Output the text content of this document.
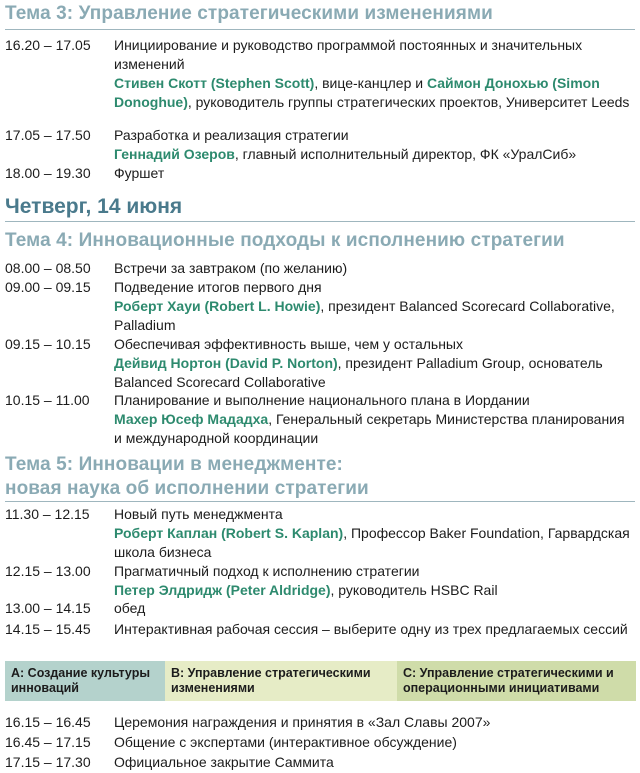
Тема 3: Управление стратегическими изменениями
16.20 – 17.05	Инициирование и руководство программой постоянных и значительных изменений
Стивен Скотт (Stephen Scott), вице-канцлер и Саймон Донохью (Simon Donoghue), руководитель группы стратегических проектов, Университет Leeds
17.05 – 17.50	Разработка и реализация стратегии
Геннадий Озеров, главный исполнительный директор, ФК «УралСиб»
18.00 – 19.30	Фуршет
Четверг, 14 июня
Тема 4: Инновационные подходы к исполнению стратегии
08.00 – 08.50	Встречи за завтраком (по желанию)
09.00 – 09.15	Подведение итогов первого дня
Роберт Хауи (Robert L. Howie), президент Balanced Scorecard Collaborative, Palladium
09.15 – 10.15	Обеспечивая эффективность выше, чем у остальных
Дейвид Нортон (David P. Norton), президент Palladium Group, основатель Balanced Scorecard Collaborative
10.15 – 11.00	Планирование и выполнение национального плана в Иордании
Махер Юсеф Мададха, Генеральный секретарь Министерства планирования и международной координации
Тема 5: Инновации в менеджменте:
новая наука об исполнении стратегии
11.30 – 12.15	Новый путь менеджмента
Роберт Каплан (Robert S. Kaplan), Профессор Baker Foundation, Гарвардская школа бизнеса
12.15 – 13.00	Прагматичный подход к исполнению стратегии
Петер Элдридж (Peter Aldridge), руководитель HSBC Rail
13.00 – 14.15	обед
14.15 – 15.45	Интерактивная рабочая сессия – выберите одну из трех предлагаемых сессий
А: Создание культуры инноваций
B: Управление стратегическими изменениями
С: Управление стратегическими и операционными инициативами
16.15 – 16.45	Церемония награждения и принятия в «Зал Славы 2007»
16.45 – 17.15	Общение с экспертами (интерактивное обсуждение)
17.15 – 17.30	Официальное закрытие Саммита
